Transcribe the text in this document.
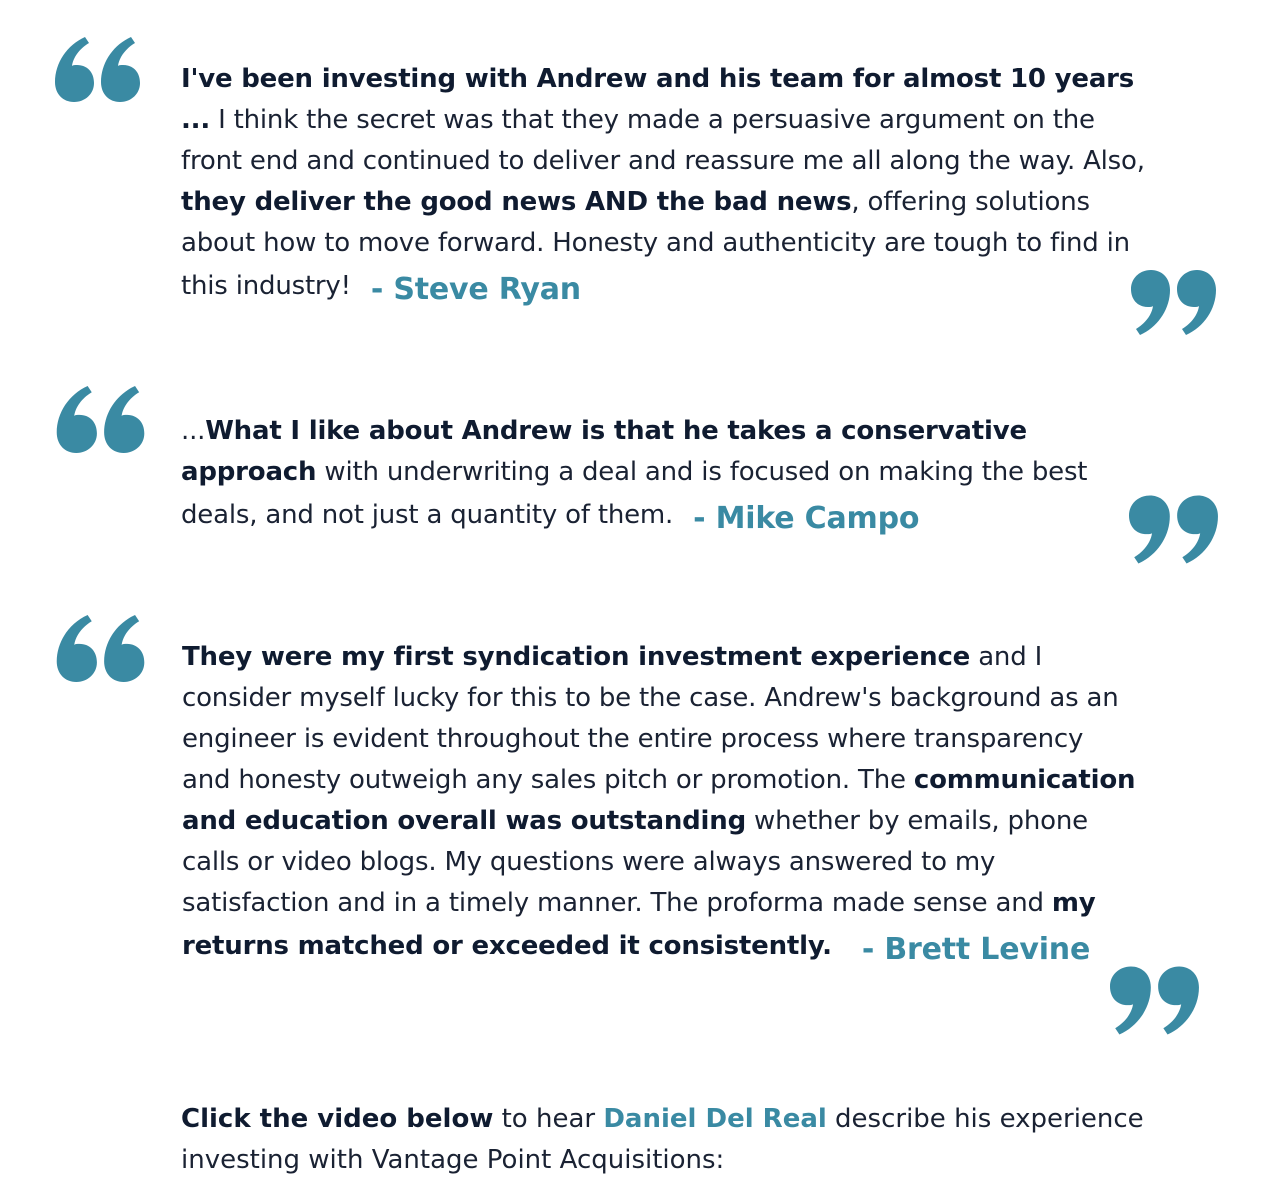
I've been investing with Andrew and his team for almost 10 years ... I think the secret was that they made a persuasive argument on the front end and continued to deliver and reassure me all along the way. Also, they deliver the good news AND the bad news, offering solutions about how to move forward. Honesty and authenticity are tough to find in this industry! - Steve Ryan
...What I like about Andrew is that he takes a conservative approach with underwriting a deal and is focused on making the best deals, and not just a quantity of them. - Mike Campo
They were my first syndication investment experience and I consider myself lucky for this to be the case. Andrew's background as an engineer is evident throughout the entire process where transparency and honesty outweigh any sales pitch or promotion. The communication and education overall was outstanding whether by emails, phone calls or video blogs. My questions were always answered to my satisfaction and in a timely manner. The proforma made sense and my returns matched or exceeded it consistently. - Brett Levine
Click the video below to hear Daniel Del Real describe his experience investing with Vantage Point Acquisitions:
